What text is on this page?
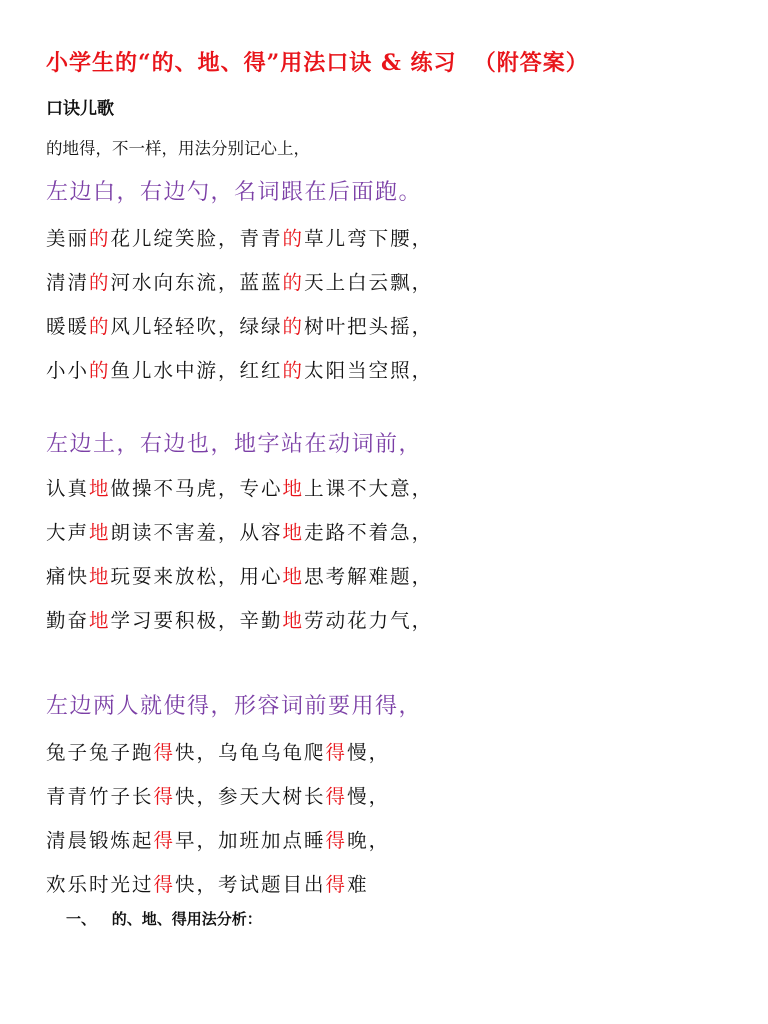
小学生的“的、地、得”用法口诀 & 练习  （附答案）
口诀儿歌
的地得，不一样，用法分别记心上，
左边白，右边勺，名词跟在后面跑。
美丽的花儿绽笑脸，青青的草儿弯下腰，
清清的河水向东流，蓝蓝的天上白云飘，
暖暖的风儿轻轻吹，绿绿的树叶把头摇，
小小的鱼儿水中游，红红的太阳当空照，
左边土，右边也，地字站在动词前，
认真地做操不马虎，专心地上课不大意，
大声地朗读不害羞，从容地走路不着急，
痛快地玩耍来放松，用心地思考解难题，
勤奋地学习要积极，辛勤地劳动花力气，
左边两人就使得，形容词前要用得，
兔子兔子跑得快，乌龟乌龟爬得慢，
青青竹子长得快，参天大树长得慢，
清晨锻炼起得早，加班加点睡得晚，
欢乐时光过得快，考试题目出得难
一、 的、地、得用法分析：
